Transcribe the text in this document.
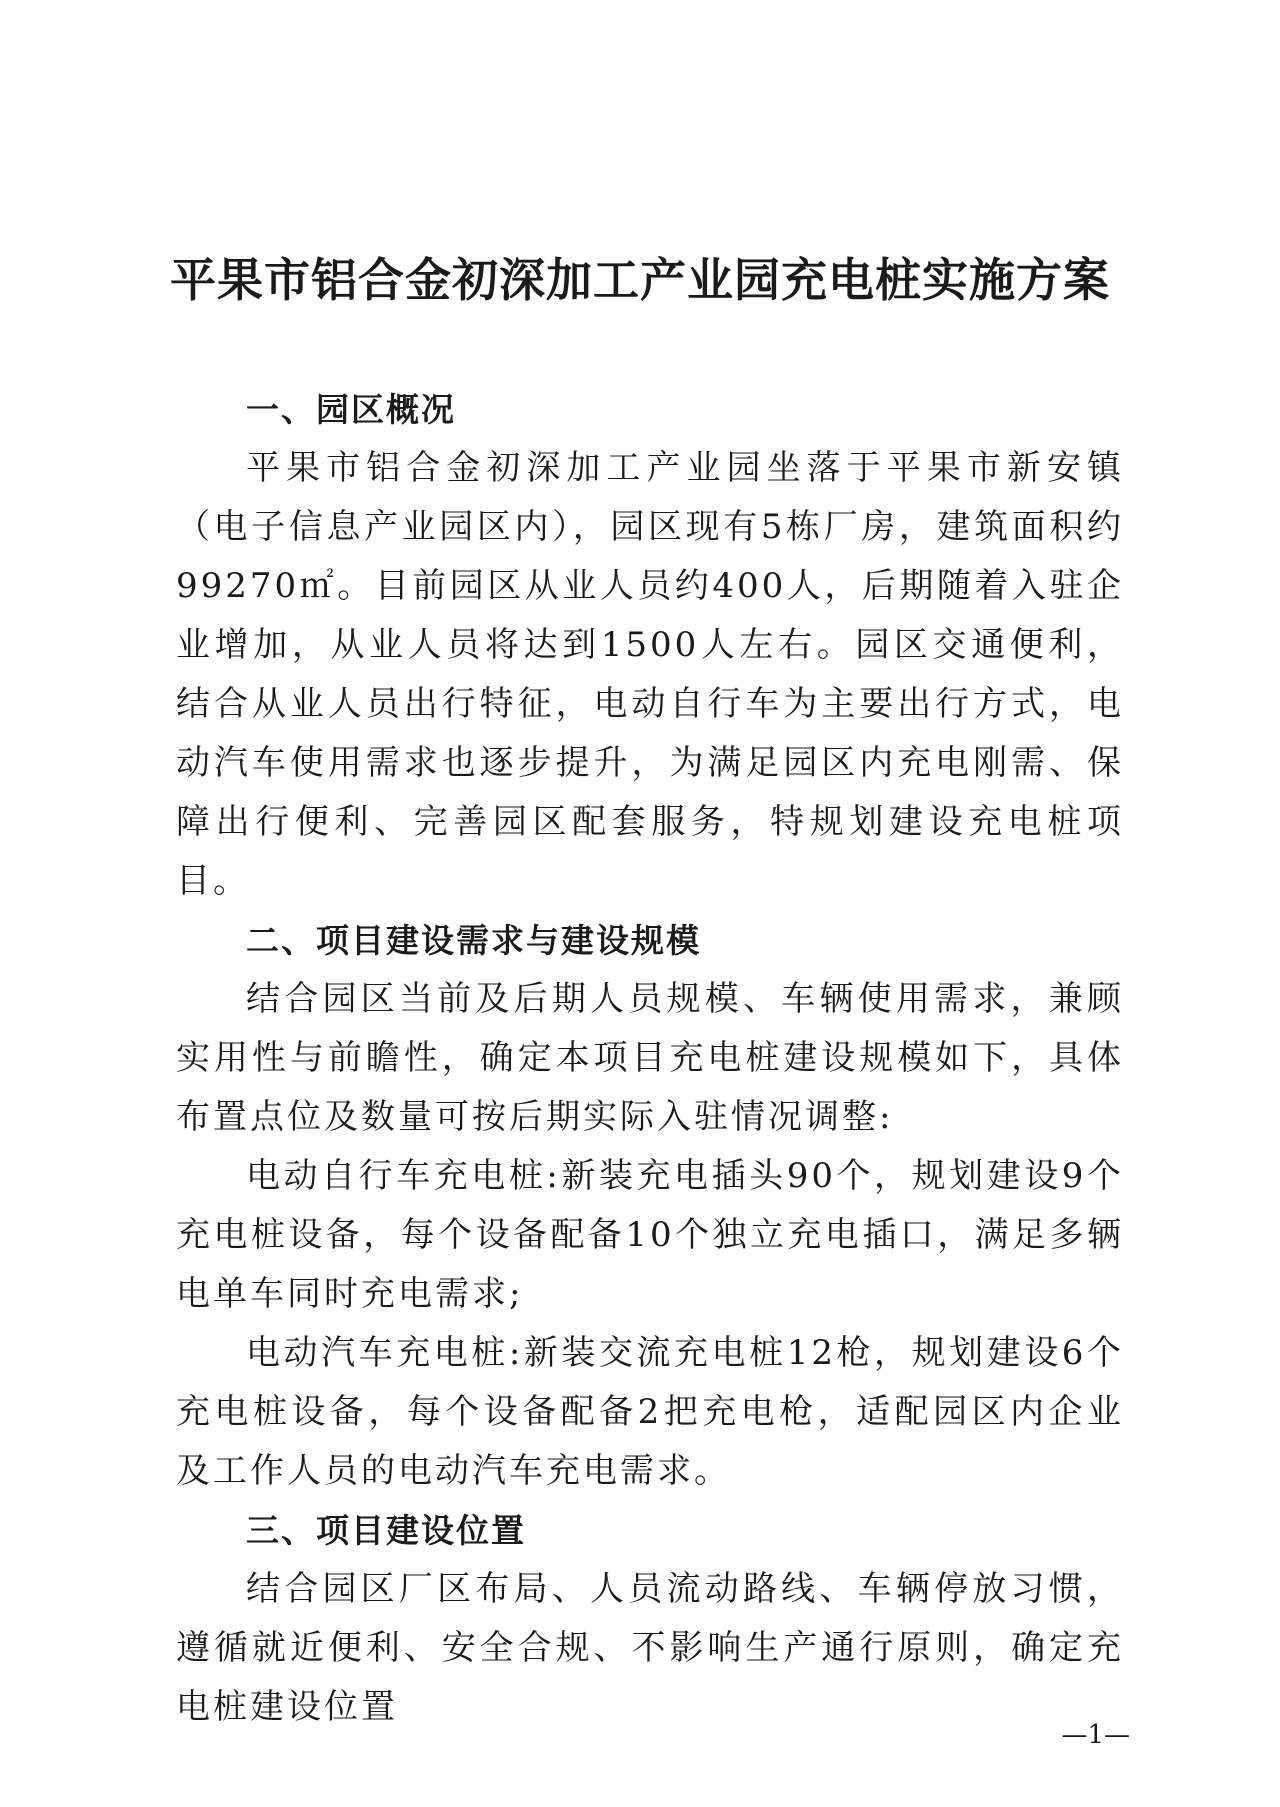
平果市铝合金初深加工产业园充电桩实施方案

一、园区概况

平果市铝合金初深加工产业园坐落于平果市新安镇（电子信息产业园区内），园区现有5栋厂房，建筑面积约99270㎡。目前园区从业人员约400人，后期随着入驻企业增加，从业人员将达到1500人左右。园区交通便利，结合从业人员出行特征，电动自行车为主要出行方式，电动汽车使用需求也逐步提升，为满足园区内充电刚需、保障出行便利、完善园区配套服务，特规划建设充电桩项目。

二、项目建设需求与建设规模

结合园区当前及后期人员规模、车辆使用需求，兼顾实用性与前瞻性，确定本项目充电桩建设规模如下，具体布置点位及数量可按后期实际入驻情况调整:

电动自行车充电桩:新装充电插头90个，规划建设9个充电桩设备，每个设备配备10个独立充电插口，满足多辆电单车同时充电需求;

电动汽车充电桩:新装交流充电桩12枪，规划建设6个充电桩设备，每个设备配备2把充电枪，适配园区内企业及工作人员的电动汽车充电需求。

三、项目建设位置

结合园区厂区布局、人员流动路线、车辆停放习惯，遵循就近便利、安全合规、不影响生产通行原则，确定充电桩建设位置

—1—
